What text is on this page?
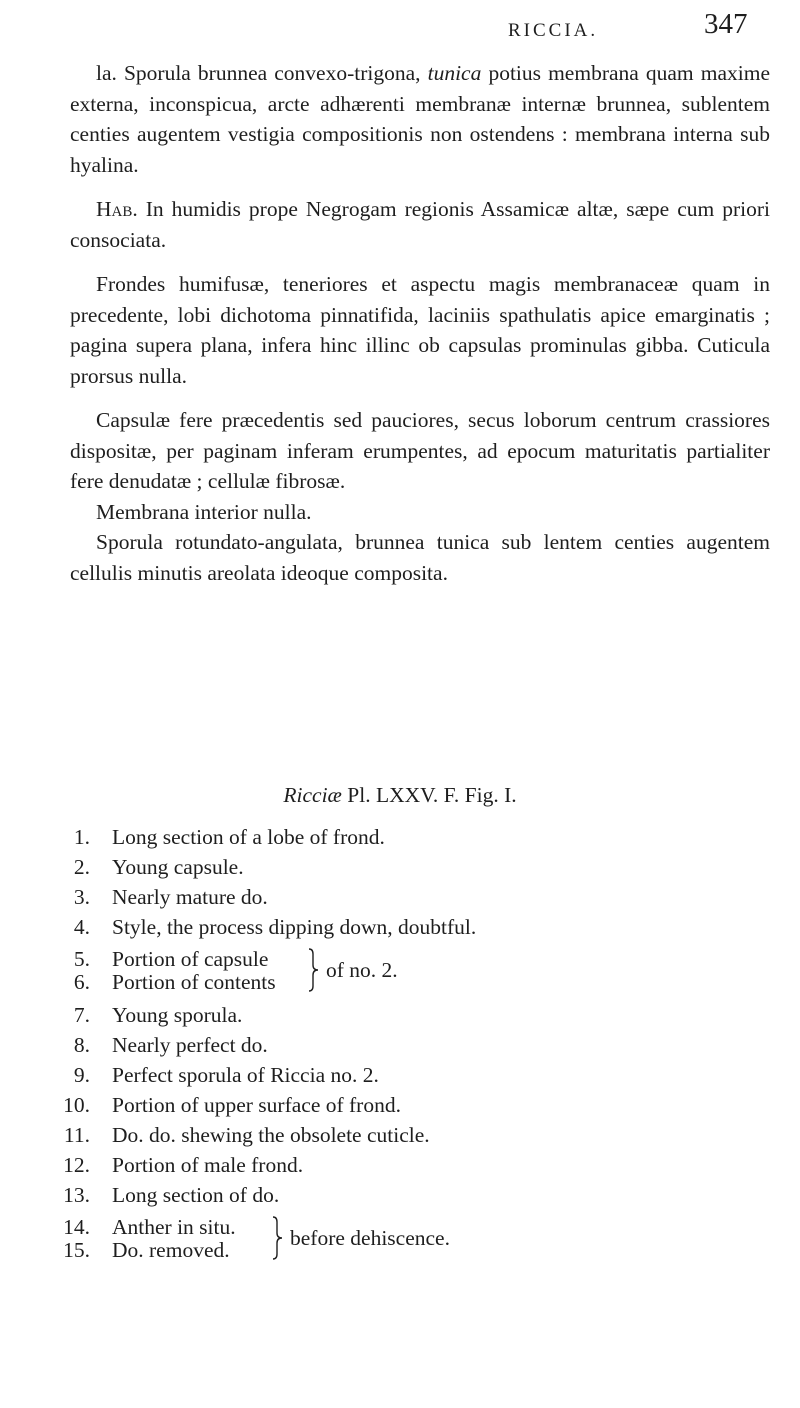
RICCIA.	347

la. Sporula brunnea convexo-trigona, tunica potius membrana quam maxime externa, inconspicua, arcte adhærenti membranæ internæ brunnea, sublentem centies augentem vestigia compositionis non ostendens : membrana interna sub hyalina.

Hab. In humidis prope Negrogam regionis Assamicæ altæ, sæpe cum priori consociata.

Frondes humifusæ, teneriores et aspectu magis membranaceæ quam in precedente, lobi dichotoma pinnatifida, laciniis spathulatis apice emarginatis ; pagina supera plana, infera hinc illinc ob capsulas prominulas gibba. Cuticula prorsus nulla.

Capsulæ fere præcedentis sed pauciores, secus loborum centrum crassiores dispositæ, per paginam inferam erumpentes, ad epocum maturitatis partialiter fere denudatæ ; cellulæ fibrosæ.

Membrana interior nulla.

Sporula rotundato-angulata, brunnea tunica sub lentem centies augentem cellulis minutis areolata ideoque composita.

Ricciæ Pl. LXXV. F. Fig. I.
1. Long section of a lobe of frond.
2. Young capsule.
3. Nearly mature do.
4. Style, the process dipping down, doubtful.
5. Portion of capsule
6. Portion of contents of no. 2.
7. Young sporula.
8. Nearly perfect do.
9. Perfect sporula of Riccia no. 2.
10. Portion of upper surface of frond.
11. Do. do. shewing the obsolete cuticle.
12. Portion of male frond.
13. Long section of do.
14. Anther in situ.
15. Do. removed.	before dehiscence.
